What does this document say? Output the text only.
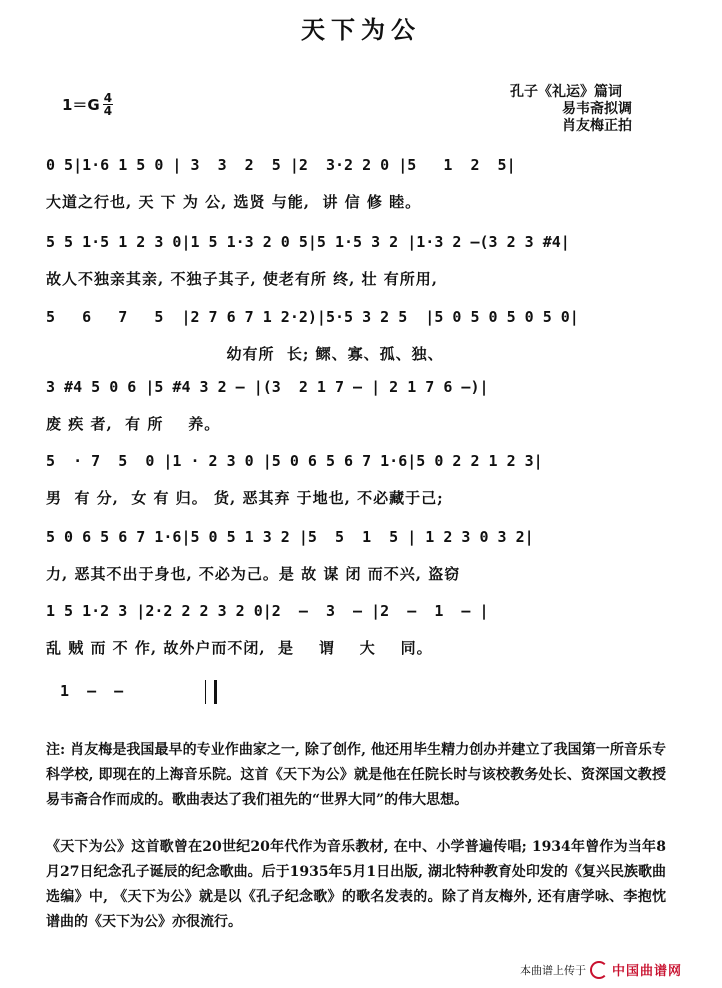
天下为公
$1=G \frac{4}{4}$	孔子《礼运》篇词
易韦斋拟调
肖友梅正拍
0 5|1·6 1 5 0 | 3  3  2  5 |2  3·2 2 0 |5   1  2  5|
大道之行也, 天 下 为 公, 选贤 与能,  讲 信 修 睦。
5 5 1·5 1 2 3 0|1 5 1·3 2 0 5|5 1·5 3 2 |1·3 2 —(3 2 3 #4|
故人不独亲其亲, 不独子其子, 使老有所 终, 壮 有所用,
5   6   7   5  |2 7 6 7 1 2·2)|5·5 3 2 5  |5 0 5 0 5 0 5 0|
幼有所  长; 鳏、寡、孤、独、
3 #4 5 0 6 |5 #4 3 2 — |(3  2 1 7 — | 2 1 7 6 —)|
废 疾 者,  有 所    养。
5  · 7  5  0 |1 · 2 3 0 |5 0 6 5 6 7 1·6|5 0 2 2 1 2 3|
男  有 分,  女 有 归。 货, 恶其弃 于地也, 不必藏于己;
5 0 6 5 6 7 1·6|5 0 5 1 3 2 |5  5  1  5 | 1 2 3 0 3 2|
力, 恶其不出于身也, 不必为己。是 故 谋 闭 而不兴, 盗窃
1 5 1·2 3 |2·2 2 2 3 2 0|2  —  3  — |2  —  1  — |
乱 贼 而 不 作, 故外户而不闭,  是    谓    大    同。
1  —  —

注: 肖友梅是我国最早的专业作曲家之一, 除了创作, 他还用毕生精力创办并建立了我国第一所音乐专科学校, 即现在的上海音乐院。这首《天下为公》就是他在任院长时与该校教务处长、资深国文教授易韦斋合作而成的。歌曲表达了我们祖先的“世界大同”的伟大思想。

《天下为公》这首歌曾在20世纪20年代作为音乐教材, 在中、小学普遍传唱; 1934年曾作为当年8月27日纪念孔子诞辰的纪念歌曲。后于1935年5月1日出版, 湖北特种教育处印发的《复兴民族歌曲选编》中, 《天下为公》就是以《孔子纪念歌》的歌名发表的。除了肖友梅外, 还有唐学咏、李抱忱谱曲的《天下为公》亦很流行。

本曲谱上传于 中国曲谱网
